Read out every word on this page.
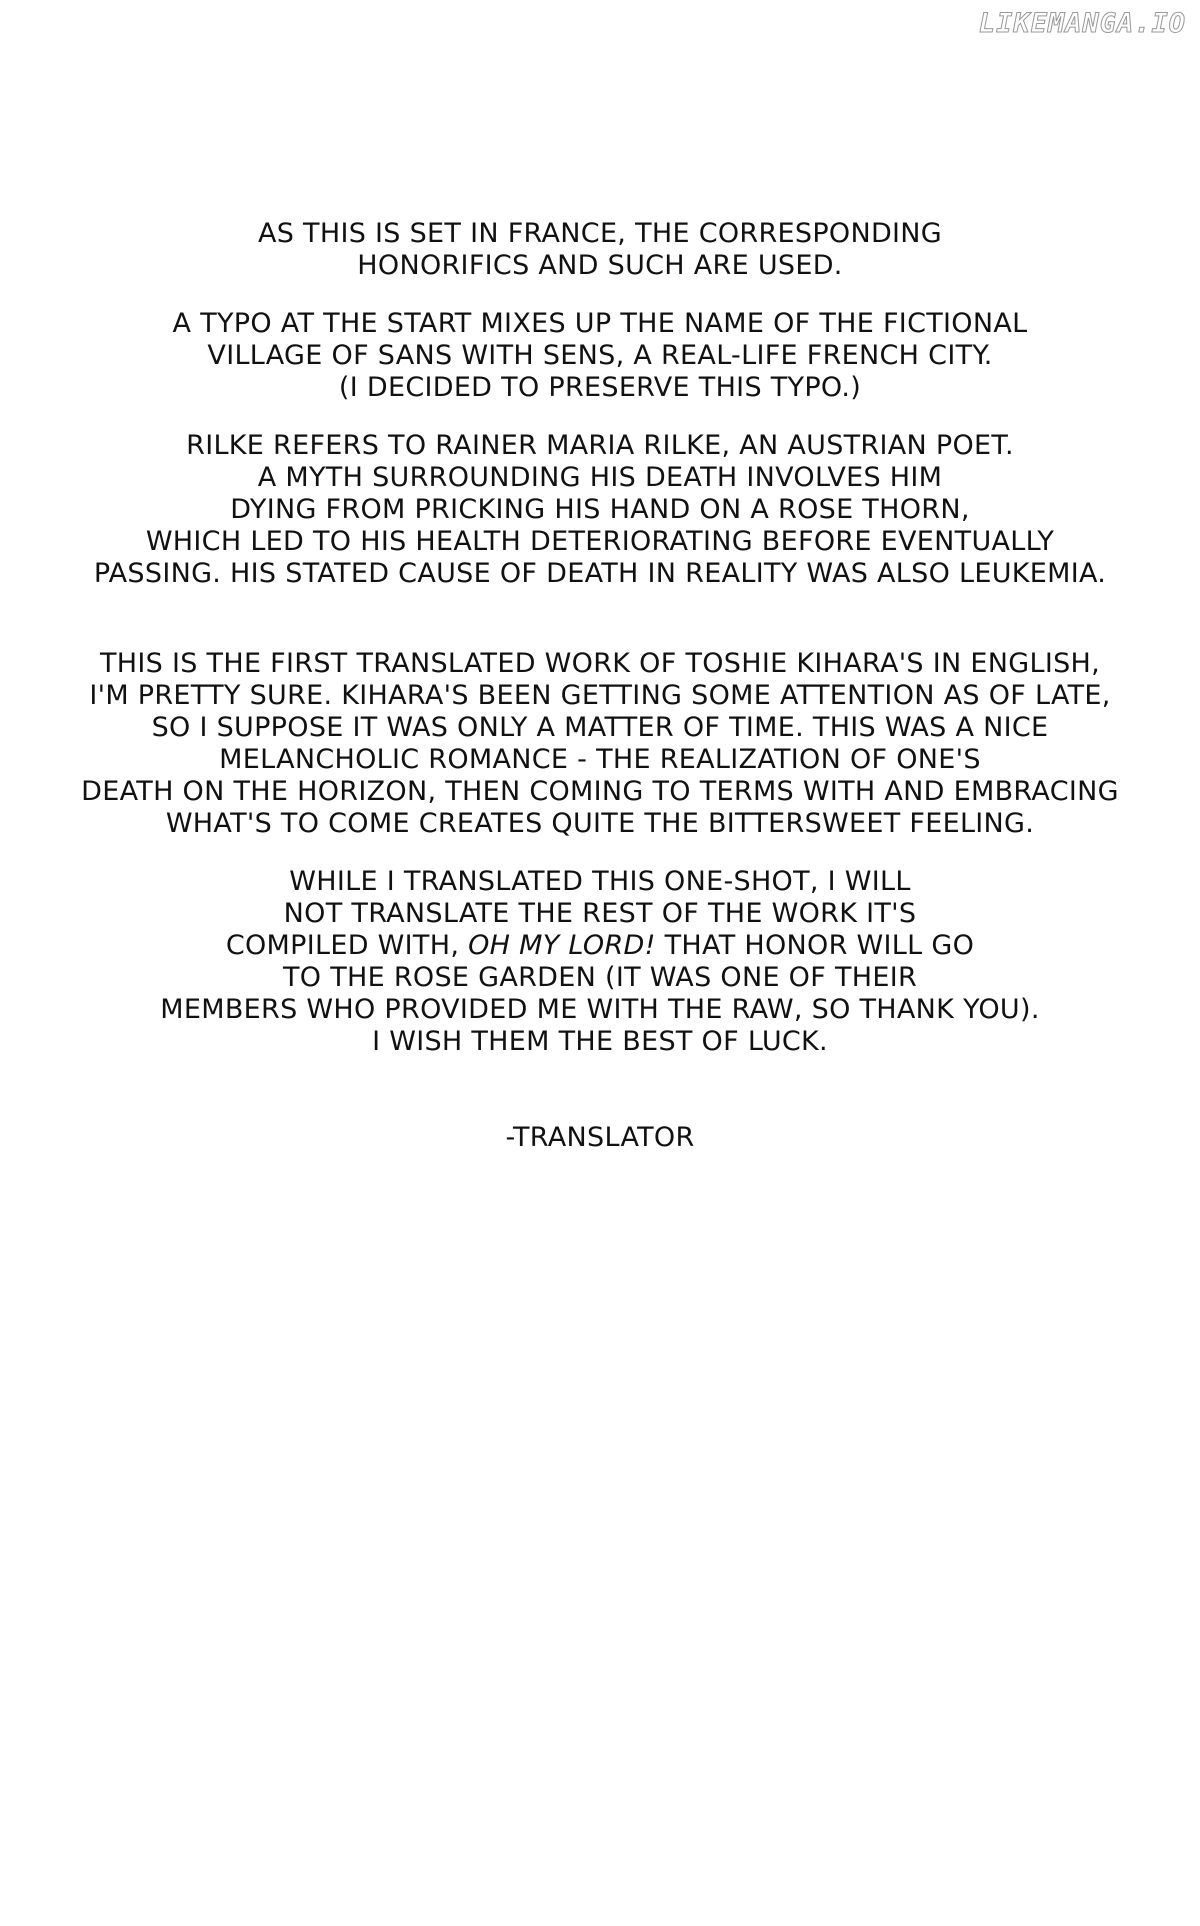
LIKEMANGA.IO
AS THIS IS SET IN FRANCE, THE CORRESPONDING
HONORIFICS AND SUCH ARE USED.
A TYPO AT THE START MIXES UP THE NAME OF THE FICTIONAL
VILLAGE OF SANS WITH SENS, A REAL-LIFE FRENCH CITY.
(I DECIDED TO PRESERVE THIS TYPO.)
RILKE REFERS TO RAINER MARIA RILKE, AN AUSTRIAN POET.
A MYTH SURROUNDING HIS DEATH INVOLVES HIM
DYING FROM PRICKING HIS HAND ON A ROSE THORN,
WHICH LED TO HIS HEALTH DETERIORATING BEFORE EVENTUALLY
PASSING. HIS STATED CAUSE OF DEATH IN REALITY WAS ALSO LEUKEMIA.
THIS IS THE FIRST TRANSLATED WORK OF TOSHIE KIHARA'S IN ENGLISH,
I'M PRETTY SURE. KIHARA'S BEEN GETTING SOME ATTENTION AS OF LATE,
SO I SUPPOSE IT WAS ONLY A MATTER OF TIME. THIS WAS A NICE
MELANCHOLIC ROMANCE - THE REALIZATION OF ONE'S
DEATH ON THE HORIZON, THEN COMING TO TERMS WITH AND EMBRACING
WHAT'S TO COME CREATES QUITE THE BITTERSWEET FEELING.
WHILE I TRANSLATED THIS ONE-SHOT, I WILL
NOT TRANSLATE THE REST OF THE WORK IT'S
COMPILED WITH, OH MY LORD! THAT HONOR WILL GO
TO THE ROSE GARDEN (IT WAS ONE OF THEIR
MEMBERS WHO PROVIDED ME WITH THE RAW, SO THANK YOU).
I WISH THEM THE BEST OF LUCK.
-TRANSLATOR
